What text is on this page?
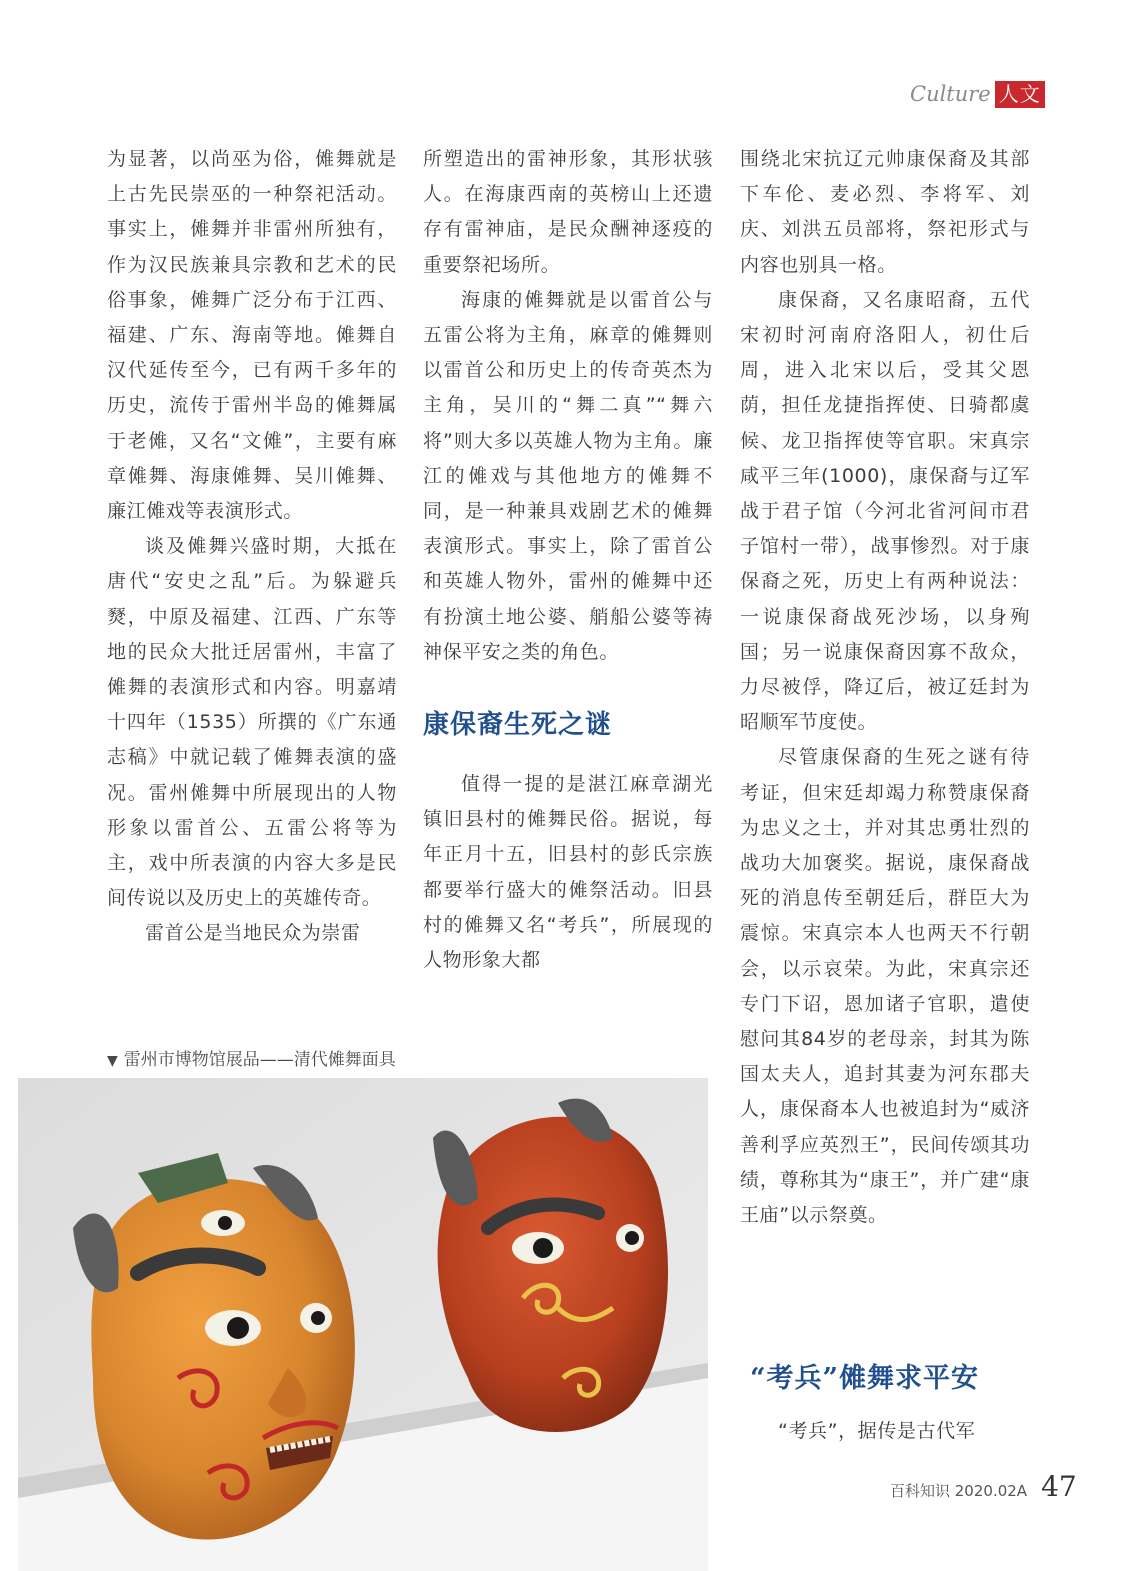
Culture 人文

为显著，以尚巫为俗，傩舞就是上古先民崇巫的一种祭祀活动。事实上，傩舞并非雷州所独有，作为汉民族兼具宗教和艺术的民俗事象，傩舞广泛分布于江西、福建、广东、海南等地。傩舞自汉代延传至今，已有两千多年的历史，流传于雷州半岛的傩舞属于老傩，又名“文傩”，主要有麻章傩舞、海康傩舞、吴川傩舞、廉江傩戏等表演形式。

谈及傩舞兴盛时期，大抵在唐代“安史之乱”后。为躲避兵燹，中原及福建、江西、广东等地的民众大批迁居雷州，丰富了傩舞的表演形式和内容。明嘉靖十四年（1535）所撰的《广东通志稿》中就记载了傩舞表演的盛况。雷州傩舞中所展现出的人物形象以雷首公、五雷公将等为主，戏中所表演的内容大多是民间传说以及历史上的英雄传奇。

雷首公是当地民众为崇雷

所塑造出的雷神形象，其形状骇人。在海康西南的英榜山上还遗存有雷神庙，是民众酬神逐疫的重要祭祀场所。

海康的傩舞就是以雷首公与五雷公将为主角，麻章的傩舞则以雷首公和历史上的传奇英杰为主角，吴川的“舞二真”“舞六将”则大多以英雄人物为主角。廉江的傩戏与其他地方的傩舞不同，是一种兼具戏剧艺术的傩舞表演形式。事实上，除了雷首公和英雄人物外，雷州的傩舞中还有扮演土地公婆、艄船公婆等祷神保平安之类的角色。

康保裔生死之谜

值得一提的是湛江麻章湖光镇旧县村的傩舞民俗。据说，每年正月十五，旧县村的彭氏宗族都要举行盛大的傩祭活动。旧县村的傩舞又名“考兵”，所展现的人物形象大都

围绕北宋抗辽元帅康保裔及其部下车伦、麦必烈、李将军、刘庆、刘洪五员部将，祭祀形式与内容也别具一格。

康保裔，又名康昭裔，五代宋初时河南府洛阳人，初仕后周，进入北宋以后，受其父恩荫，担任龙捷指挥使、日骑都虞候、龙卫指挥使等官职。宋真宗咸平三年(1000)，康保裔与辽军战于君子馆（今河北省河间市君子馆村一带），战事惨烈。对于康保裔之死，历史上有两种说法：一说康保裔战死沙场，以身殉国；另一说康保裔因寡不敌众，力尽被俘，降辽后，被辽廷封为昭顺军节度使。

尽管康保裔的生死之谜有待考证，但宋廷却竭力称赞康保裔为忠义之士，并对其忠勇壮烈的战功大加褒奖。据说，康保裔战死的消息传至朝廷后，群臣大为震惊。宋真宗本人也两天不行朝会，以示哀荣。为此，宋真宗还专门下诏，恩加诸子官职，遣使慰问其84岁的老母亲，封其为陈国太夫人，追封其妻为河东郡夫人，康保裔本人也被追封为“威济善利孚应英烈王”，民间传颂其功绩，尊称其为“康王”，并广建“康王庙”以示祭奠。

“考兵”傩舞求平安
“考兵”，据传是古代军
▼ 雷州市博物馆展品——清代傩舞面具
百科知识 2020.02A 47
